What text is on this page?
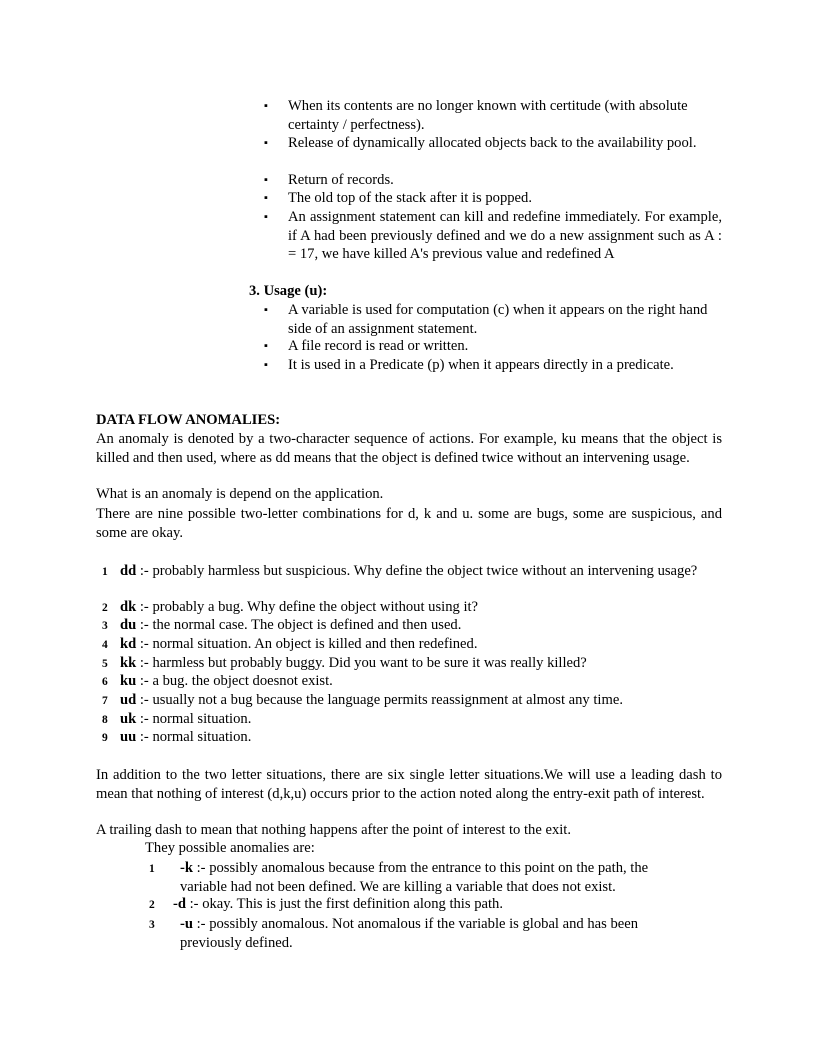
▪ When its contents are no longer known with certitude (with absolute certainty / perfectness).
▪ Release of dynamically allocated objects back to the availability pool.
▪ Return of records.
▪ The old top of the stack after it is popped.
▪ An assignment statement can kill and redefine immediately. For example, if A had been previously defined and we do a new assignment such as A : = 17, we have killed A's previous value and redefined A
3. Usage (u):
▪ A variable is used for computation (c) when it appears on the right hand side of an assignment statement.
▪ A file record is read or written.
▪ It is used in a Predicate (p) when it appears directly in a predicate.
DATA FLOW ANOMALIES:
An anomaly is denoted by a two-character sequence of actions. For example, ku means that the object is killed and then used, where as dd means that the object is defined twice without an intervening usage.
What is an anomaly is depend on the application.
There are nine possible two-letter combinations for d, k and u. some are bugs, some are suspicious, and some are okay.
1 dd :- probably harmless but suspicious. Why define the object twice without an intervening usage?
2 dk :- probably a bug. Why define the object without using it?
3 du :- the normal case. The object is defined and then used.
4 kd :- normal situation. An object is killed and then redefined.
5 kk :- harmless but probably buggy. Did you want to be sure it was really killed?
6 ku :- a bug. the object doesnot exist.
7 ud :- usually not a bug because the language permits reassignment at almost any time.
8 uk :- normal situation.
9 uu :- normal situation.
In addition to the two letter situations, there are six single letter situations.We will use a leading dash to mean that nothing of interest (d,k,u) occurs prior to the action noted along the entry-exit path of interest.
A trailing dash to mean that nothing happens after the point of interest to the exit.
They possible anomalies are:
1 -k :- possibly anomalous because from the entrance to this point on the path, the variable had not been defined. We are killing a variable that does not exist.
2 -d :- okay. This is just the first definition along this path.
3 -u :- possibly anomalous. Not anomalous if the variable is global and has been previously defined.
